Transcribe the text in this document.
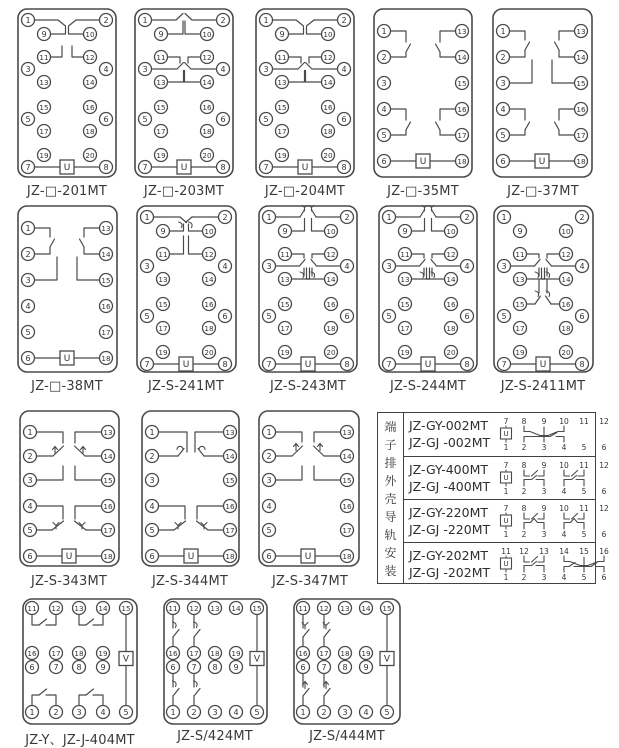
1
9
11
3
13
15
5
17
19
7
2
10
12
4
14
16
6
18
20
8
U
JZ-□-201MT
1
9
11
3
13
15
5
17
19
7
2
10
12
4
14
16
6
18
20
8
U
JZ-□-203MT
1
9
11
3
13
15
5
17
19
7
2
10
12
4
14
16
6
18
20
8
U
JZ-□-204MT
1
2
3
4
5
6
13
14
15
16
17
18
U
JZ-□-35MT
1
2
3
4
5
6
13
14
15
16
17
18
U
JZ-□-37MT
1
2
3
4
5
6
13
14
15
16
17
18
U
JZ-□-38MT
1
9
11
3
13
15
5
17
19
7
2
10
12
4
14
16
6
18
20
8
U
JZ-S-241MT
1
9
11
3
13
15
5
17
19
7
2
10
12
4
14
16
6
18
20
8
U
JZ-S-243MT
1
9
11
3
13
15
5
17
19
7
2
10
12
4
14
16
6
18
20
8
U
JZ-S-244MT
1
9
11
3
13
15
5
17
19
7
2
10
12
4
14
16
6
18
20
8
U
JZ-S-2411MT
1
2
3
4
5
6
13
14
15
16
17
18
U
JZ-S-343MT
1
2
3
4
5
6
13
14
15
16
17
18
U
JZ-S-344MT
1
2
3
4
5
6
13
14
15
16
17
18
U
JZ-S-347MT
11 12 13 14 15
16 17 18 19
6 7 8 9
1 2 3 4 5
V
JZ-Y、JZ-J-404MT
11 12 13 14 15
16 17 18 19
6 7 8 9
1 2 3 4 5
V
JZ-S/424MT
11 12 13 14 15
16 17 18 19
6 7 8 9
1 2 3 4 5
V
JZ-S/444MT
端
子
排
外
壳
导
轨
安
装
JZ-GY-002MT
JZ-GJ -002MT
7
U
1
8 9 10 11 12
2 3 4 5 6
JZ-GY-400MT
JZ-GJ -400MT
7
U
1
8 9 10 11 12
2 3 4 5 6
JZ-GY-220MT
JZ-GJ -220MT
7
U
1
8 9 10 11 12
2 3 4 5 6
JZ-GY-202MT
JZ-GJ -202MT
11
U
1
12 13 14 15 16
2 3 4 5 6
